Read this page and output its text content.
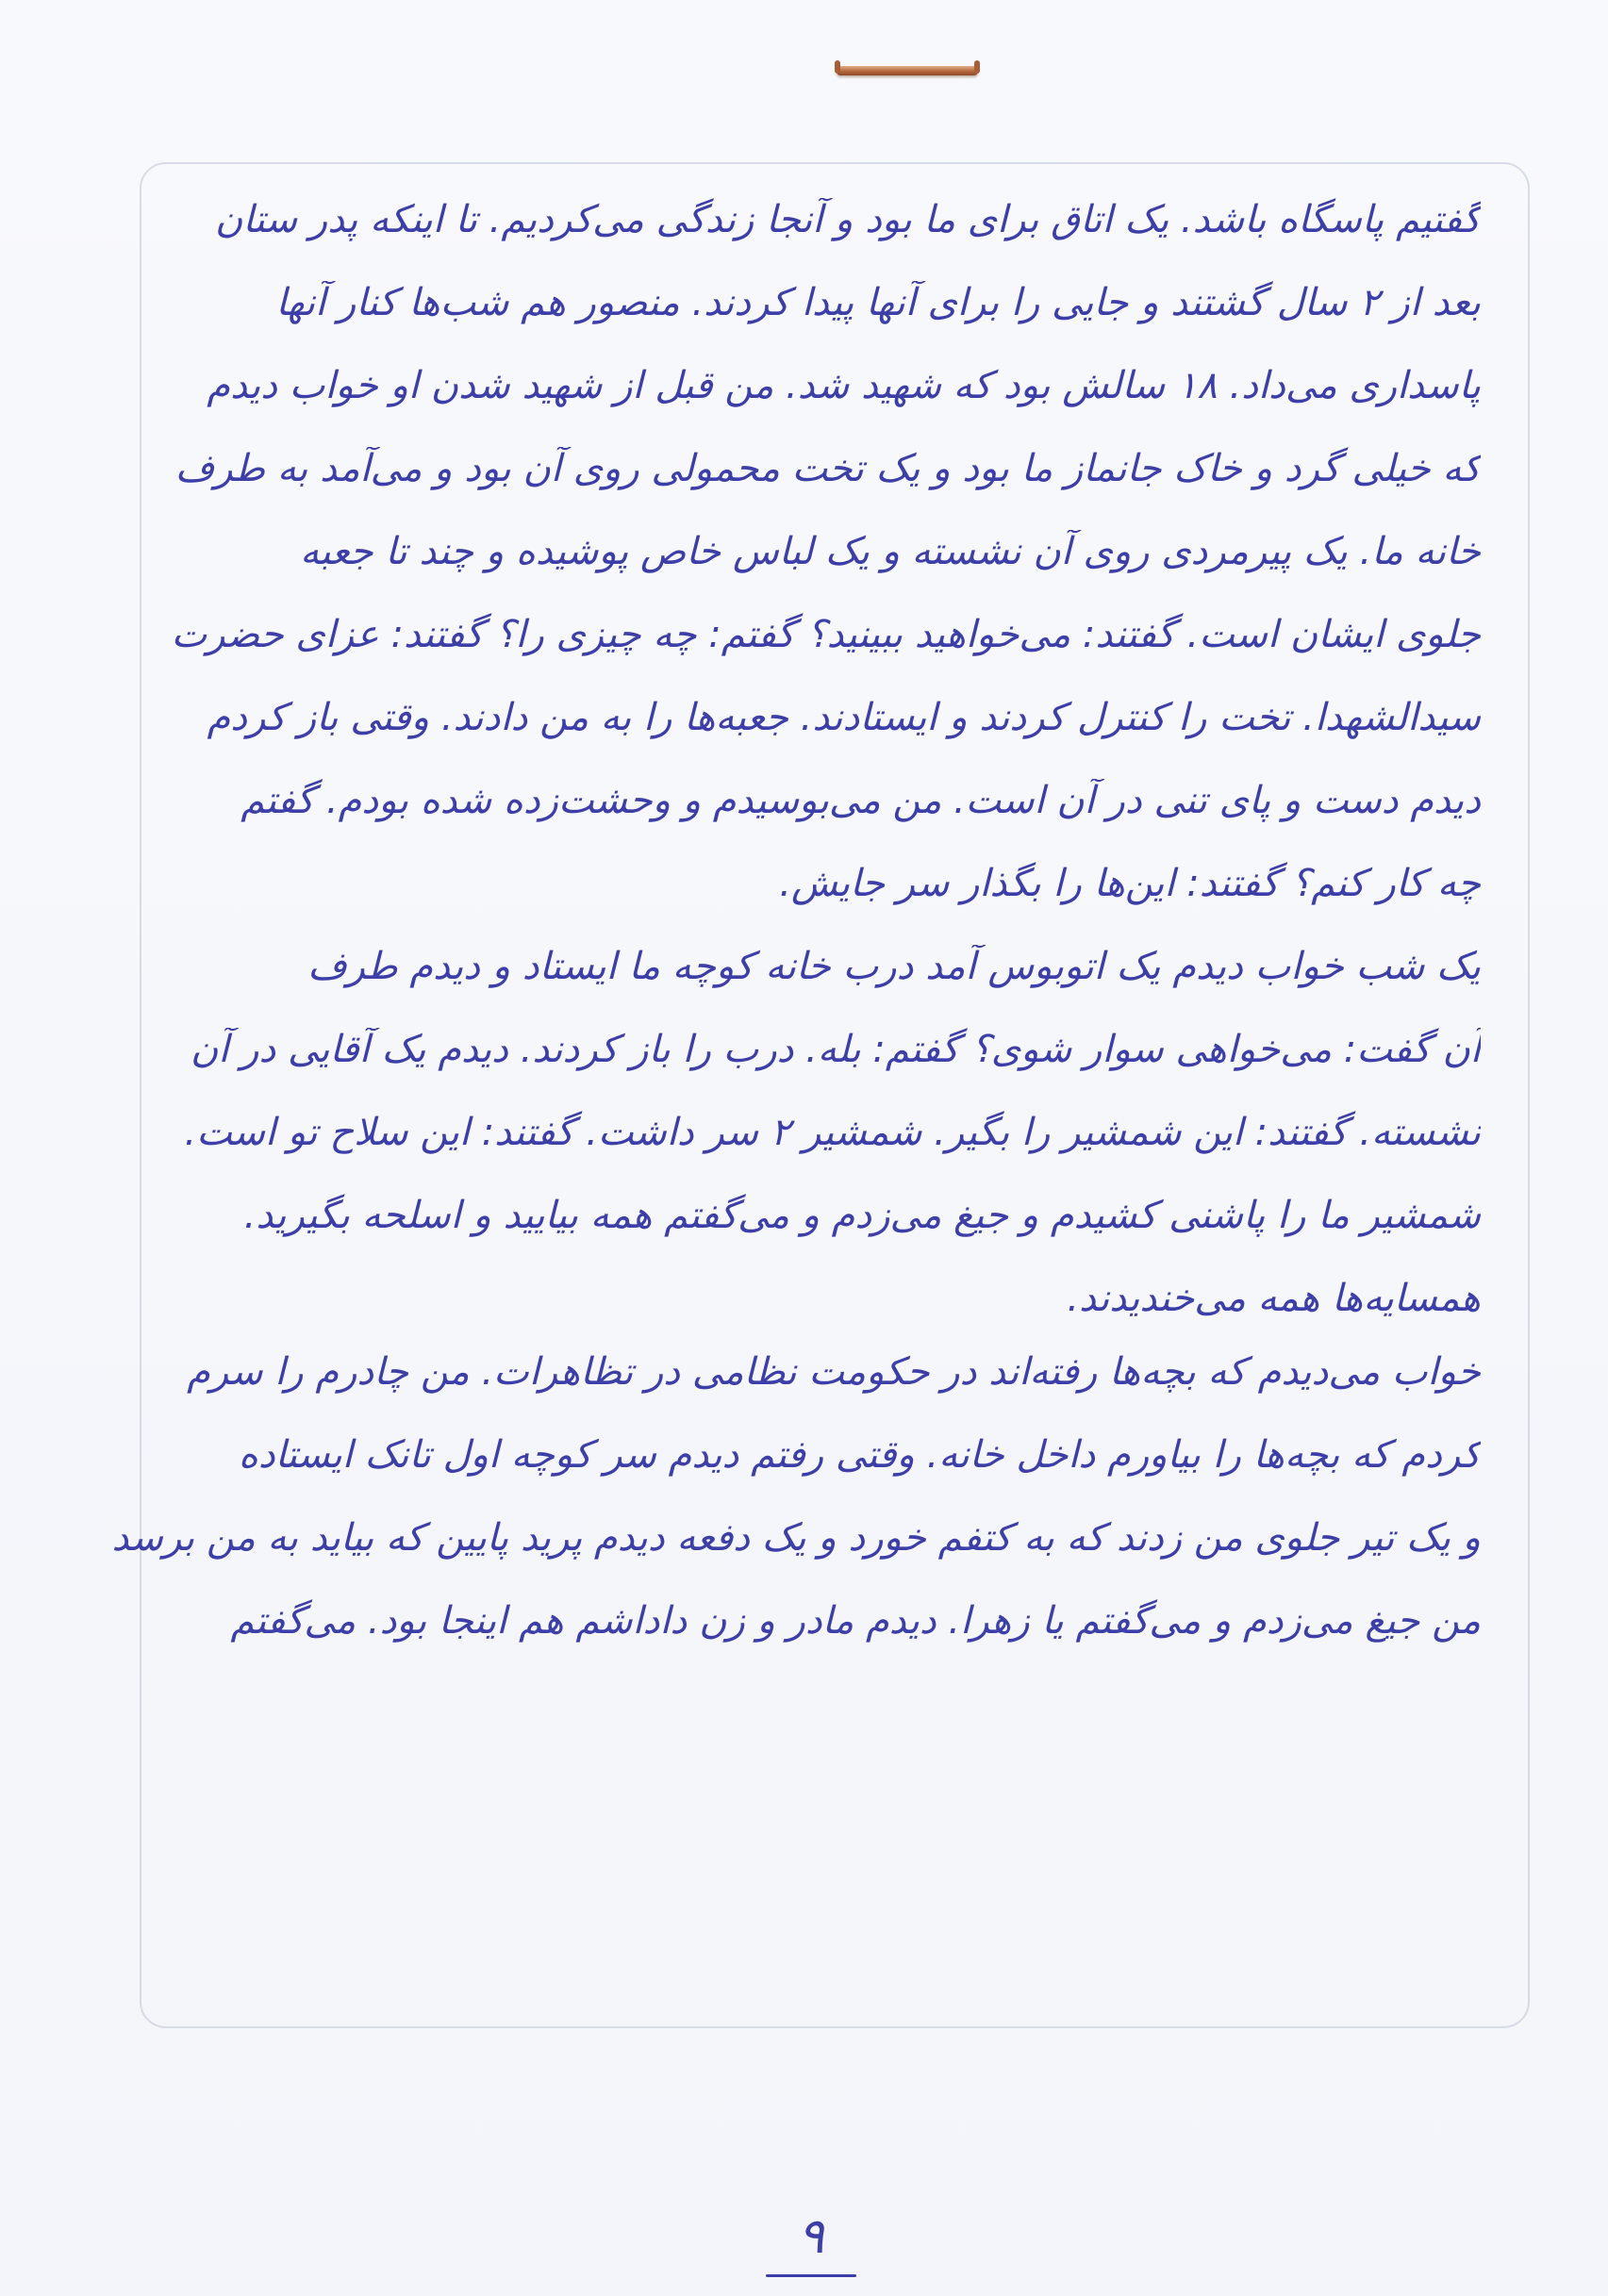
گفتیم پاسگاه باشد. یک اتاق برای ما بود و آنجا زندگی می‌کردیم. تا اینکه پدر ستان
بعد از ۲ سال گشتند و جایی را برای آنها پیدا کردند. منصور هم شب‌ها کنار آنها
پاسداری می‌داد. ۱۸ سالش بود که شهید شد. من قبل از شهید شدن او خواب دیدم
که خیلی گرد و خاک جانماز ما بود و یک تخت محمولی روی آن بود و می‌آمد به طرف
خانه ما. یک پیرمردی روی آن نشسته و یک لباس خاص پوشیده و چند تا جعبه
جلوی ایشان است. گفتند: می‌خواهید ببینید؟ گفتم: چه چیزی را؟ گفتند: عزای حضرت
سیدالشهدا. تخت را کنترل کردند و ایستادند. جعبه‌ها را به من دادند. وقتی باز کردم
دیدم دست و پای تنی در آن است. من می‌بوسیدم و وحشت‌زده شده بودم. گفتم
چه کار کنم؟ گفتند: این‌ها را بگذار سر جایش.
یک شب خواب دیدم یک اتوبوس آمد درب خانه کوچه ما ایستاد و دیدم طرف
آن گفت: می‌خواهی سوار شوی؟ گفتم: بله. درب را باز کردند. دیدم یک آقایی در آن
نشسته. گفتند: این شمشیر را بگیر. شمشیر ۲ سر داشت. گفتند: این سلاح تو است.
شمشیر ما را پاشنی کشیدم و جیغ می‌زدم و می‌گفتم همه بیایید و اسلحه بگیرید.
همسایه‌ها همه می‌خندیدند.
خواب می‌دیدم که بچه‌ها رفته‌اند در حکومت نظامی در تظاهرات. من چادرم را سرم
کردم که بچه‌ها را بیاورم داخل خانه. وقتی رفتم دیدم سر کوچه اول تانک ایستاده
و یک تیر جلوی من زدند که به کتفم خورد و یک دفعه دیدم پرید پایین که بیاید به من برسد
من جیغ می‌زدم و می‌گفتم یا زهرا. دیدم مادر و زن داداشم هم اینجا بود. می‌گفتم
۹
